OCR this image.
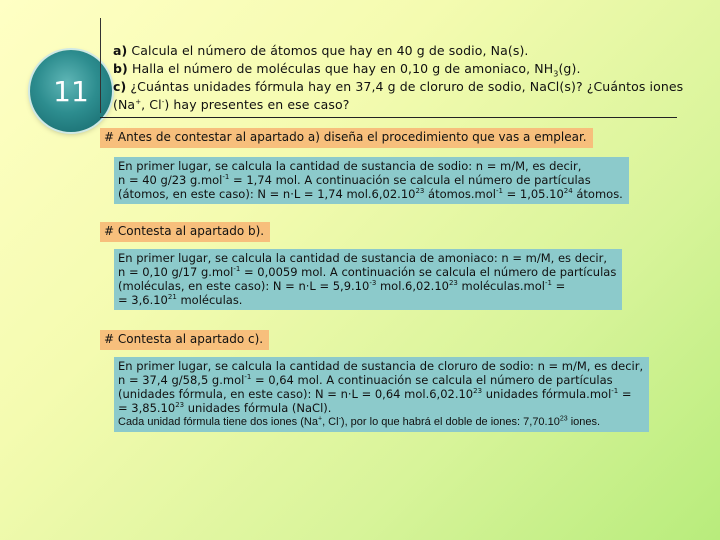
11

a) Calcula el número de átomos que hay en 40 g de sodio, Na(s).

b) Halla el número de moléculas que hay en 0,10 g de amoniaco, $NH_3(g)$.

c) ¿Cuántas unidades fórmula hay en 37,4 g de cloruro de sodio, NaCl(s)? ¿Cuántos iones

(Na+, Cl-) hay presentes en ese caso?

# Antes de contestar al apartado a) diseña el procedimiento que vas a emplear.

En primer lugar, se calcula la cantidad de sustancia de sodio: n = m/M, es decir,

n = 40 g/23 g.mol$^{-1}$ = 1,74 mol. A continuación se calcula el número de partículas

(átomos, en este caso): N = n·L = 1,74 mol.6,02.10$^{23}$ átomos.mol$^{-1}$ = $1,05.10^{24}$ átomos.

# Contesta al apartado b).

En primer lugar, se calcula la cantidad de sustancia de amoniaco: n = m/M, es decir,

n = 0,10 g/17 g.mol$^{-1}$ = 0,0059 mol. A continuación se calcula el número de partículas

(moléculas, en este caso): $N = n\cdot L = 5,9.10^{-3}$ mol.6,02.10$^{23}$ moléculas.mol$^{-1}$ =

= $3,6.10^{21}$ moléculas.

# Contesta al apartado c).

En primer lugar, se calcula la cantidad de sustancia de cloruro de sodio: n = m/M, es decir,

n = 37,4 g/58,5 g.mol$^{-1}$ = 0,64 mol. A continuación se calcula el número de partículas

(unidades fórmula, en este caso): N = n·L = 0,64 mol.6,02.10$^{23}$ unidades fórmula.mol$^{-1}$ =

= $3,85.10^{23}$ unidades fórmula (NaCl).

Cada unidad fórmula tiene dos iones (Na+, Cl-), por lo que habrá el doble de iones: 7,70.10$^{23}$ iones.
